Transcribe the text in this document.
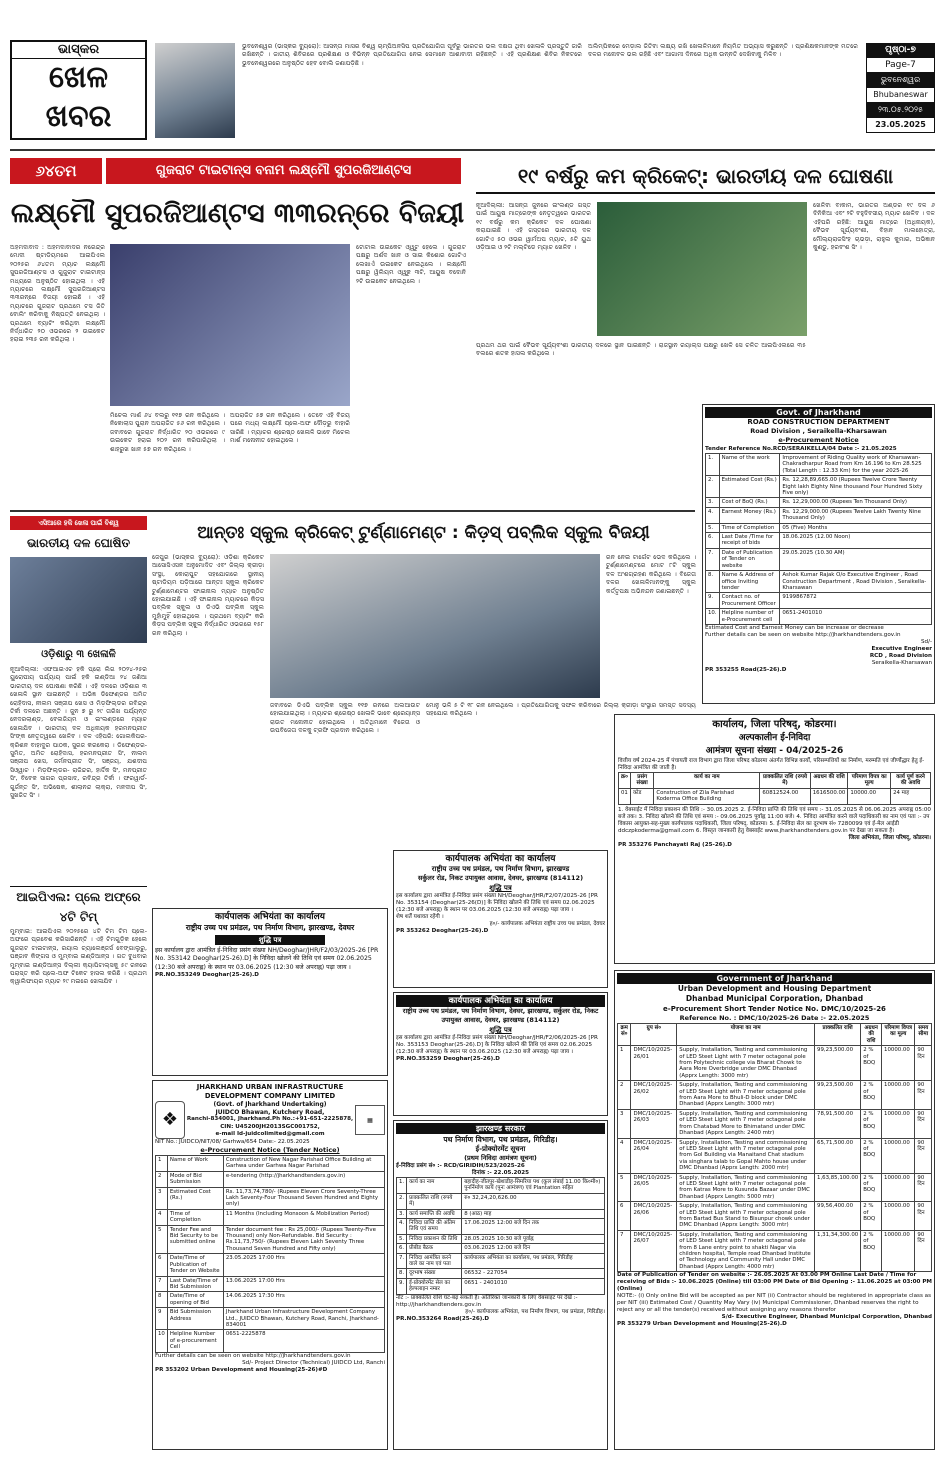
ଭାସ୍କର
ଖେଳ
ଖବର
ଭୁବନେଶ୍ୱର (ଭାସ୍କର ବ୍ୟୁରୋ): ଆସନ୍ତା ମାସର ବିଶ୍ୱ ଚାମ୍ପିଅନସିପ ପ୍ରତିଯୋଗିତା ପୂର୍ବରୁ ଭାରତର ଭଲ ଦକ୍ଷତା ଥିବା ଖେଳାଳି ପ୍ରସ୍ତୁତି ଜାରି ରଖିଛନ୍ତି । ଜାତୀୟ ଶିବିରରେ ପ୍ରଶିକ୍ଷଣ ଓ ବିଭିନ୍ନ ପ୍ରତିଯୋଗିତା ନେଇ ସେମାନେ ଆଶାବାଦୀ ରହିଛନ୍ତି । ଏହି ପ୍ରଶିକ୍ଷଣ ଶିବିର ନିକଟରେ ଭୁବନେଶ୍ୱରରେ ଅନୁଷ୍ଠିତ ହେବ ବୋଲି ଜଣାପଡ଼ିଛି ।
ଅଲିମ୍ପିକରେ ମେଡ଼ାଲ ଜିତିବା ଲକ୍ଷ୍ୟ ରଖି ଖେଳାଳିମାନେ ନିୟମିତ ଅଭ୍ୟାସ କରୁଛନ୍ତି । ପ୍ରଶିକ୍ଷକମାନଙ୍କ ମତରେ ଦଳର ମନୋବଳ ଭଲ ରହିଛି ଏବଂ ଆଗାମୀ ଦିନରେ ଅଧିକ ଉନ୍ନତି ଦେଖିବାକୁ ମିଳିବ ।	ପୃଷ୍ଠା-୭
Page-7
ଭୁବନେଶ୍ୱର
Bhubaneswar
୨୩.୦୫.୨୦୨୫
23.05.2025
୬୪ତମ	ଗୁଜରାଟ ଟାଇଟାନ୍ସ ବନାମ ଲକ୍ଷ୍ମୌ ସୁପରଜିଆଣ୍ଟସ
ଲକ୍ଷ୍ମୌ ସୁପରଜିଆଣ୍ଟସ ୩୩ରନ୍‌ରେ ବିଜୟୀ
ଅହମଦାବାଦ : ଅହମଦାବାଦର ନରେନ୍ଦ୍ର ମୋଦୀ ଷ୍ଟାଡିୟମରେ ଆଇପିଏଲ ୨୦୨୫ର ୬୪ତମ ମ୍ୟାଚ ଲକ୍ଷ୍ମୌ ସୁପରଜିଆଣ୍ଟସ ଓ ଗୁଜୁରାଟ ଟାଇଟାନ୍ସ ମଧ୍ୟରେ ଅନୁଷ୍ଠିତ ହୋଇଥିଲା । ଏହି ମ୍ୟାଚରେ ଲକ୍ଷ୍ମୌ ସୁପରଜିଆଣ୍ଟସ ୩୩ରନ୍‌ରେ ବିଜୟୀ ହୋଇଛି । ଏହି ମ୍ୟାଚରେ ଗୁଜରାଟ ପ୍ରଥମେ ଟସ ଜିତି ବୋଲିଂ କରିବାକୁ ନିଷ୍ପତ୍ତି ନେଇଥିଲା । ପ୍ରଥମେ ବ୍ୟାଟିଂ କରିଥିବା ଲକ୍ଷ୍ମୌ ନିର୍ଦ୍ଧାରିତ ୨୦ ଓଭରରେ ୨ ଉଇକେଟ ହରାଇ ୨୩୫ ରନ କରିଥିଲା ।
ଟୋଟାଲ ଉଇକେଟ ଓ୍ୱୁଟ ହେଲେ । ଗୁଜରାଟ ପକ୍ଷରୁ ଅର୍ଶଦ ଖାନ ଓ ସାଇ କିଶୋର ଗୋଟିଏ ଲେଖାଏଁ ଉଇକେଟ ନେଇଥିଲେ । ଲକ୍ଷ୍ମୌ ପକ୍ଷରୁ ୱିଲିୟମ ଓ୍ୱୁକ ୩ଟି, ଆୟୁଷ ବଦୋନି ୨ଟି ଉଇକେଟ ନେଇଥିଲେ ।
ମିଚେଲ ମାର୍ଶ ୬୪ ବଲରୁ ୧୧୭ ରନ କରିଥିଲେ । ନିକୋଲାସ ପୁରାନ ଅପରାଜିତ ୫୬ ରନ କରିଥିଲେ । ଜବାବରେ ଗୁଜରାଟ ନିର୍ଦ୍ଧାରିତ ୨୦ ଓଭରରେ ୯ ଉଇକେଟ ହରାଇ ୨୦୨ ରନ କରିପାରିଥିଲା । ଶାହରୁଖ ଖାନ ୫୭ ରନ କରିଥିଲେ ।
ଅପରାଜିତ ୫୭ ରନ କରିଥିଲେ । ତେବେ ଏହି ବିଜୟ ପରେ ମଧ୍ୟ ଲକ୍ଷ୍ମୌ ପ୍ଲେ-ଅଫ ଦୌଡ଼ରୁ ବାହାରି ସାରିଛି । ମ୍ୟାଚର ଶ୍ରେଷ୍ଠ ଖେଳାଳି ଭାବେ ମିଚେଲ ମାର୍ଶ ମନୋନୀତ ହୋଇଥିଲେ ।
୧୯ ବର୍ଷରୁ କମ କ୍ରିକେଟ୍: ଭାରତୀୟ ଦଳ ଘୋଷଣା
ନୂଆଦିଲ୍ଲୀ: ଆସନ୍ତା ଜୁନରେ ଇଂଲଣ୍ଡ ଗସ୍ତ ପାଇଁ ଆୟୁଷ ମାତ୍ରେଙ୍କ ନେତୃତ୍ୱରେ ଭାରତର ୧୯ ବର୍ଷରୁ କମ କ୍ରିକେଟ ଦଳ ଘୋଷଣା କରାଯାଇଛି । ଏହି ଗସ୍ତରେ ଭାରତୀୟ ଦଳ ଗୋଟିଏ ୫୦ ଓଭର ୱାର୍ମଅପ ମ୍ୟାଚ, ୫ଟି ୟୁଥ ଓଡ଼ିଆଇ ଓ ୨ଟି ମଲ୍ଟିଡେ ମ୍ୟାଚ ଖେଳିବ ।
ଖେଳିବା ବାକାମ, ଭାରତର ଅଣ୍ଡର ୧୯ ଦଳ ୬ ଦିନିକିଆ ଏବଂ ୨ଟି ବହୁଦିବସୀୟ ମ୍ୟାଚ ଖେଳିବ । ଦଳ ଏହିପରି ରହିଛି: ଆୟୁଷ ମାତ୍ରେ (ଅଧିନାୟକ), ବୈଭବ ସୂର୍ଯ୍ୟବଂଶୀ, ବିହାନ ମାଲହୋତ୍ରା, ମୌଲ୍ୟରାଜସିଂହ ଚାଭଡ଼ା, ରାହୁଲ କୁମାର, ଅଭିଜ୍ଞାନ କୁଣ୍ଡୁ, ହରବଂଶ ସିଂ ।
ପ୍ରଥମ ଥର ପାଇଁ ବୈଭବ ସୂର୍ଯ୍ୟବଂଶୀ ଭାରତୀୟ ଦଳରେ ସ୍ଥାନ ପାଇଛନ୍ତି । ରାଜସ୍ଥାନ ରୟାଲ୍ସ ପକ୍ଷରୁ ଖେଳି ସେ ଚଳିତ ଆଇପିଏଲରେ ୩୫ ବଲରେ ଶତକ ହାସଲ କରିଥିଲେ ।
Govt. of Jharkhand
ROAD CONSTRUCTION DEPARTMENT
Road Division , Seraikella-Kharsawan
e-Procurement Notice
Tender Reference No.RCD/SERAIKELLA/04 Date :- 21.05.2025
1.	Name of the work	Improvement of Riding Quality work of Kharsawan-Chakradharpur Road from Km 16.196 to Km 28.525 (Total Length : 12.33 Km) for the year 2025-26
2.	Estimated Cost (Rs.)	Rs. 12,28,89,665.00 (Rupees Twelve Crore Twenty Eight lakh Eighty Nine thousand Four Hundred Sixty Five only)
3.	Cost of BoQ (Rs.)	Rs. 12,29,000.00 (Rupees Ten Thousand Only)
4.	Earnest Money (Rs.)	Rs. 12,29,000.00 (Rupees Twelve Lakh Twenty Nine Thousand Only)
5.	Time of Completion	05 (Five) Months
6.	Last Date /Time for receipt of bids	18.06.2025 (12.00 Noon)
7.	Date of Publication of Tender on website	29.05.2025 (10.30 AM)
8.	Name & Address of office Inviting tender	Ashok Kumar Rajak O/o Executive Engineer , Road Construction Department , Road Division , Seraikella-Kharsawan
9.	Contact no. of Procurement Officer	9199867872
10.	Helpline number of e-Procurement cell	0651-2401010
Estimated Cost and Earnest Money can be increase or decrease
Further details can be seen on website http://jharkhandtenders.gov.in
Sd/-
Executive Engineer
RCD , Road Division
Seraikella-Kharsawan
PR 353255 Road(25-26).D
ଏସିଆରେ ହକି ଖେଳା ପାଇଁ ବିଶ୍ୱ
ଭାରତୀୟ ଦଳ ଘୋଷିତ
ଓଡ଼ିଶାରୁ ୩ ଖେଳାଳି
ନୂଆଦିଲ୍ଲୀ: ଏଫଆଇଏଚ ହକି ପ୍ରୋ ଲିଗ ୨୦୨୪-୨୫ର ୟୁରୋପୀୟ ପର୍ଯ୍ୟାୟ ପାଇଁ ହକି ଇଣ୍ଡିଆ ୨୪ ଜଣିଆ ଭାରତୀୟ ଦଳ ଘୋଷଣା କରିଛି । ଏହି ଦଳରେ ଓଡ଼ିଶାର ୩ ଖେଳାଳି ସ୍ଥାନ ପାଇଛନ୍ତି । ଅଭିଜ୍ଞ ଡିଫେଣ୍ଡର ଅମିତ ରୋହିଦାସ, ନୀଲମ ସଞ୍ଜୀପ ଖେସ ଓ ମିଡ଼ଫିଲ୍ଡର ରବିନ୍ଦ୍ର ତିର୍କୀ ଦଳରେ ଅଛନ୍ତି । ଜୁନ ୭ ରୁ ୨୯ ତାରିଖ ପର୍ଯ୍ୟନ୍ତ ନେଦରଲାଣ୍ଡ, ବେଲଜିୟମ ଓ ଇଂଲଣ୍ଡରେ ମ୍ୟାଚ ଖେଳାଯିବ । ଭାରତୀୟ ଦଳ ଅଧିନାୟକ ହରମନପ୍ରୀତ ସିଂଙ୍କ ନେତୃତ୍ୱରେ ଖେଳିବ । ଦଳ ଏହିପରି: ଗୋଲକିପର- କ୍ରିଶନ ବାହାଦୁର ପାଠକ, ସୁରଜ କରକେରା । ଡିଫେଣ୍ଡର- ସୁମିତ, ଅମିତ ରୋହିଦାସ, ହରମନପ୍ରୀତ ସିଂ, ନୀଲମ ସଞ୍ଜୀପ ଖେସ, ଜର୍ମନପ୍ରୀତ ସିଂ, ସଞ୍ଜୟ, ଯଶଦୀପ ସିଓ୍ୱାଚ । ମିଡ଼ଫିଲ୍ଡର- ରାଜିନ୍ଦର, ହାର୍ଦ୍ଦିକ ସିଂ, ମନପ୍ରୀତ ସିଂ, ବିବେକ ସାଗର ପ୍ରସାଦ, ରବିନ୍ଦ୍ର ତିର୍କୀ । ଫରୱାର୍ଡ- ଗୁର୍ଜନ୍ତ ସିଂ, ଅଭିଷେକ, ଶୀଲାନନ୍ଦ ଲାକ୍ରା, ମନଦୀପ ସିଂ, ସୁଖଜିତ ସିଂ ।
ଆଇପିଏଲ: ପ୍ଲେ ଅଫ୍‌ରେ ୪ଟି ଟିମ୍
ମୁମ୍ବାଇ: ଆଇପିଏଲ ୨୦୨୫ରେ ୪ଟି ଟିମ ଟିମ ପ୍ଲେ-ଅଫରେ ପ୍ରବେଶ କରିସାରିଛନ୍ତି । ଏହି ଟିମଗୁଡ଼ିକ ହେଲେ ଗୁଜରାଟ ଟାଇଟାନ୍ସ, ରୟାଲ ଚ୍ୟାଲେଞ୍ଜର୍ସ ବେଙ୍ଗାଲୁରୁ, ପଞ୍ଜାବ କିଙ୍ଗସ ଓ ମୁମ୍ବାଇ ଇଣ୍ଡିଆନ୍ସ । ଗତ ବୁଧବାର ମୁମ୍ବାଇ ଇଣ୍ଡିଆନ୍ସ ଦିଲ୍ଲୀ କ୍ୟାପିଟାଲ୍ସକୁ ୫୯ ରନରେ ପରାସ୍ତ କରି ପ୍ଲେ-ଅଫ ଟିକେଟ ହାସଲ କରିଛି । ପ୍ରଥମ କ୍ୱାଲିଫାୟର ମ୍ୟାଚ ୨୯ ମଇରେ ଖେଳାଯିବ ।
ଆନ୍ତଃ ସ୍କୁଲ କ୍ରିକେଟ୍ ଟୁର୍ଣ୍ଣାମେଣ୍ଟ : କିଡ଼ସ୍ ପବ୍ଲିକ ସ୍କୁଲ ବିଜୟୀ
ଜେପୁର (ଭାସ୍କର ବ୍ୟୁରୋ): ଓଡ଼ିଶା କ୍ରିକେଟ ଆସୋସିଏସନ ଅନୁମୋଦିତ ଏବଂ ଜିଲ୍ଲା କ୍ରୀଡ଼ା ସଂସ୍ଥା, କୋରାପୁଟ ସହଯୋଗରେ ସ୍ଥାନୀୟ ଷ୍ଟାଡିୟମ ପଡ଼ିଆରେ ଆନ୍ତଃ ସ୍କୁଲ କ୍ରିକେଟ ଟୁର୍ଣ୍ଣାମେଣ୍ଟର ଫାଇନାଲ ମ୍ୟାଚ ଅନୁଷ୍ଠିତ ହୋଇଯାଇଛି । ଏହି ଫାଇନାଲ ମ୍ୟାଚରେ କିଡ଼ସ ପବ୍ଲିକ ସ୍କୁଲ ଓ ଡିଏଭି ପବ୍ଲିକ ସ୍କୁଲ ମୁହାଁମୁହିଁ ହୋଇଥିଲେ । ପ୍ରଥମେ ବ୍ୟାଟିଂ କରି କିଡ଼ସ ପବ୍ଲିକ ସ୍କୁଲ ନିର୍ଦ୍ଧାରିତ ଓଭରରେ ୧୫୮ ରନ କରିଥିଲା ।
ରନ ନେଇ ଟାର୍ଗେଟ ଭେଦ କରିଥିଲେ । ଟୁର୍ଣ୍ଣାମେଣ୍ଟରେ ମୋଟ ୮ଟି ସ୍କୁଲ ଦଳ ଅଂଶଗ୍ରହଣ କରିଥିଲେ । ବିଜେତା ଦଳର ଖେଳାଳିମାନଙ୍କୁ ସ୍କୁଲ କର୍ତ୍ତୃପକ୍ଷ ଅଭିନନ୍ଦନ ଜଣାଇଛନ୍ତି ।
ଜବାବରେ ଡିଏଭି ପବ୍ଲିକ ସ୍କୁଲ ୧୧୭ ରନରେ ଅଲଆଉଟ ହୋଇଯାଇଥିଲା । ମ୍ୟାଚର ଶ୍ରେଷ୍ଠ ଖେଳାଳି ଭାବେ ଶ୍ରେୟାନ୍ସ ରାଉତ ମନୋନୀତ ହୋଇଥିଲେ । ଅତିଥିମାନେ ବିଜେତା ଓ ଉପବିଜେତା ଦଳକୁ ଟ୍ରଫି ପ୍ରଦାନ କରିଥିଲେ ।
ମୋନୁ ଭଳି ୫ ଟି ୧୮ ରନ ନେଇଥିଲେ । ପ୍ରତିଯୋଗିତାକୁ ସଫଳ କରିବାରେ ଜିଲ୍ଲା କ୍ରୀଡ଼ା ସଂସ୍ଥାର ସମସ୍ତ ସଦସ୍ୟ ସହଯୋଗ କରିଥିଲେ ।
कार्यपालक अभियंता का कार्यालय
राष्ट्रीय उच्च पथ प्रमंडल, पथ निर्माण विभाग, झारखण्ड
सर्कुलर रोड, निकट उपायुक्त आवास, देवघर, झारखण्ड (814112)
शुद्धि पत्र
इस कार्यालय द्वारा आमंत्रित ई-निविदा प्रसंग संख्या NH/Deoghar/JHR/F2/07/2025-26 [PR No. 353154 (Deoghar)25-26(D)] के निविदा खोलने की तिथि एवं समय 02.06.2025 (12:30 बजे अपराह्न) के स्थान पर 03.06.2025 (12:30 बजे अपराह्न) पढ़ा जाय ।
शेष शर्तें यथावत रहेंगी ।
ह०/- कार्यपालक अभियंता राष्ट्रीय उच्च पथ प्रमंडल, देवघर
PR 353262 Deoghar(25-26).D
कार्यपालक अभियंता का कार्यालय
राष्ट्रीय उच्च पथ प्रमंडल, पथ निर्माण विभाग, झारखण्ड, देवघर
शुद्धि पत्र
इस कार्यालय द्वारा आमंत्रित ई-निविदा प्रसंग संख्या NH/Deoghar/JHR/F2/03/2025-26 [PR No. 353142 Deoghar(25-26).D] के निविदा खोलने की तिथि एवं समय 02.06.2025 (12:30 बजे अपराह्न) के स्थान पर 03.06.2025 (12:30 बजे अपराह्न) पढ़ा जाय ।
PR.NO.353249 Deoghar(25-26).D
कार्यपालक अभियंता का कार्यालय
राष्ट्रीय उच्च पथ प्रमंडल, पथ निर्माण विभाग, देवघर, झारखण्ड, सर्कुलर रोड, निकट उपायुक्त आवास, देवघर, झारखण्ड (814112)
शुद्धि पत्र
इस कार्यालय द्वारा आमंत्रित ई-निविदा प्रसंग संख्या NH/Deoghar/JHR/F2/06/2025-26 [PR No. 353153 Deoghar(25-26).D] के निविदा खोलने की तिथि एवं समय 02.06.2025 (12:30 बजे अपराह्न) के स्थान पर 03.06.2025 (12:30 बजे अपराह्न) पढ़ा जाय ।
PR.NO.353259 Deoghar(25-26).D
JHARKHAND URBAN INFRASTRUCTURE
DEVELOPMENT COMPANY LIMITED
❖
(Govt. of Jharkhand Undertaking)
JUIDCO Bhawan, Kutchery Road,
Ranchi-834001, Jharkhand.Ph No.:+91-651-2225878,
CIN: U45200JH2013SGC001752,
e-mail Id-juidcolimited@gmail.com
▦
NIT No.: JUIDCO/NIT/08/ Garhwa/654 Date:- 22.05.2025
e-Procurement Notice (Tender Notice)
1	Name of Work	Construction of New Nagar Parishad Office Building at Garhwa under Garhwa Nagar Parishad
2	Mode of Bid Submission	e-tendering (http://jharkhandtenders.gov.in)
3	Estimated Cost (Rs.)	Rs. 11,73,74,780/- (Rupees Eleven Crore Seventy-Three Lakh Seventy-Four Thousand Seven Hundred and Eighty only)
4	Time of Completion	11 Months (Including Monsoon & Mobilization Period)
5	Tender Fee and Bid Security to be submitted online	Tender document fee : Rs 25,000/- (Rupees Twenty-Five Thousand) only Non-Refundable. Bid Security : Rs.11,73,750/- (Rupees Eleven Lakh Seventy Three Thousand Seven Hundred and Fifty only)
6	Date/Time of Publication of Tender on Website	23.05.2025 17:00 Hrs
7	Last Date/Time of Bid Submission	13.06.2025 17:00 Hrs
8	Date/Time of opening of Bid	14.06.2025 17:30 Hrs
9	Bid Submission Address	Jharkhand Urban Infrastructure Development Company Ltd., JUIDCO Bhawan, Kutchery Road, Ranchi, Jharkhand- 834001
10	Helpline Number of e-procurement Cell	0651-2225878
Further details can be seen on website http://jharkhandtenders.gov.in
Sd/- Project Director (Technical) JUIDCO Ltd, Ranchi
PR 353202 Urban Development and Housing(25-26)#D
झारखण्ड सरकार
पथ निर्माण विभाग, पथ प्रमंडल, गिरिडीह।
ई-प्रोक्योरमेंट सूचना
(प्रथम निविदा आमंत्रण सूचना)
ई-निविदा प्रसंग सं० :- RCD/GIRIDIH/523/2025-26
दिनांक :- 22.05.2025
1.	कार्य का नाम	बहादीह-जीतपुर-खेशाडीह-सिमरिया पथ (कुल लंबाई 11.00 कि०मी०) पुनर्निर्माण कार्य (पुनः आमंत्रण) एवं Plantation सहित
2.	प्राक्कलित राशि (रुपये में)	रु० 32,24,20,626.00
3.	कार्य समाप्ति की अवधि	8 (आठ) माह
4.	निविदा प्राप्ति की अंतिम तिथि एवं समय	17.06.2025 12:00 बजे दिन तक
5.	निविदा प्रकाशन की तिथि	28.05.2025 10:30 बजे पूर्वाह्न
6.	प्रीबीड बैठक	03.06.2025 12:00 बजे दिन
7.	निविदा आमंत्रित करने वाले का नाम एवं पता	कार्यपालक अभियंता का कार्यालय, पथ प्रमंडल, गिरिडीह
8.	दूरभाष संख्या	06532 - 227054
9.	ई-प्रोक्योरमेंट सेल का हेल्पलाइन नम्बर	0651 - 2401010
नोट :- प्राक्कलित राशि घट-बढ़ सकती है। अतिरिक्त जानकारी के लिए वेबसाइट पर देखें :- http://jharkhandtenders.gov.in
ह०/- कार्यपालक अभियंता, पथ निर्माण विभाग, पथ प्रमंडल, गिरिडीह।
PR.NO.353264 Road(25-26).D
कार्यालय, जिला परिषद्, कोडरमा।
अल्पकालीन ई-निविदा
आमंत्रण सूचना संख्या - 04/2025-26
वित्तीय वर्ष 2024-25 में पंचायती राज विभाग द्वारा जिला परिषद कोडरमा अंतर्गत विभिन्न कार्यों, परिसम्पत्तियों का निर्माण, मरम्मति एवं जीर्णोद्धार हेतु ई-निविदा आमंत्रित की जाती है।
क्र०	प्रसंग संख्या	कार्य का नाम	प्राक्कलित राशि (रुपये में)	अग्रधन की राशि	परिमाण विपत्र का मूल्य	कार्य पूर्ण करने की अवधि
01	कोड	Construction of Zila Parishad Koderma Office Building	60812524.00	1616500.00	10000.00	24 माह
1. वेबसाईट में निविदा प्रकाशन की तिथि :- 30.05.2025 2. ई-निविदा प्राप्ति की तिथि एवं समय :- 31.05.2025 से 06.06.2025 अपराह्न 05:00 बजे तक। 3. निविदा खोलने की तिथि एवं समय :- 09.06.2025 पूर्वाह्न 11:00 बजे। 4. निविदा आमंत्रित करने वाले पदाधिकारी का नाम एवं पता :- उप विकास आयुक्त-सह-मुख्य कार्यपालक पदाधिकारी, जिला परिषद्, कोडरमा। 5. ई-निविदा सेल का दूरभाष सं० 7280099 एवं ई-मेल आईडी ddczpkoderma@gmail.com 6. विस्तृत जानकारी हेतु वेबसाईट www.jharkhandtenders.gov.in पर देखा जा सकता है।
जिला अभियंता, जिला परिषद्, कोडरमा।
PR 353276 Panchayati Raj (25-26).D
Government of Jharkhand
Urban Development and Housing Department
Dhanbad Municipal Corporation, Dhanbad
e-Procurement Short Tender Notice No. DMC/10/2025-26
Reference No. : DMC/10/2025-26 Date :- 22.05.2025
क्रम सं०	ग्रुप सं०	योजना का नाम	प्राक्कलित राशि	अग्रधन की राशि	परिमाण विपत्र का मूल्य	समय सीमा
1	DMC/10/2025-26/01	Supply, Installation, Testing and commissioning of LED Steet Light with 7 meter octagonal pole from Polytechnic college via Bharat Chowk to Aara More Overbridge under DMC Dhanbad (Apprx Length: 3000 mtr)	99,23,500.00	2 % of BOQ	10000.00	90 दिन
2	DMC/10/2025-26/02	Supply, Installation, Testing and commissioning of LED Steet Light with 7 meter octagonal pole from Aara More to Bhuli-D block under DMC Dhanbad (Apprx Length: 3000 mtr)	99,23,500.00	2 % of BOQ	10000.00	90 दिन
3	DMC/10/2025-26/03	Supply, Installation, Testing and commissioning of LED Steet Light with 7 meter octagonal pole from Chatabad More to Bhimatand under DMC Dhanbad (Apprx Length: 2400 mtr)	78,91,500.00	2 % of BOQ	10000.00	90 दिन
4	DMC/10/2025-26/04	Supply, Installation, Testing and commissioning of LED Steet Light with 7 meter octagonal pole from Gol Building via Manaitand Chat stadium via singhara talab to Gopal Mahto house under DMC Dhanbad (Apprx Length: 2000 mtr)	65,71,500.00	2 % of BOQ	10000.00	90 दिन
5	DMC/10/2025-26/05	Supply, Installation, Testing and commissioning of LED Steet Light with 7 meter octagonal pole from Katras More to Kusunda Bazaar under DMC Dhanbad (Apprx Length: 5000 mtr)	1,63,85,100.00	2 % of BOQ	10000.00	90 दिन
6	DMC/10/2025-26/06	Supply, Installation, Testing and commissioning of LED Steet Light with 7 meter octagonal pole from Bartad Bus Stand to Bisunpur chowk under DMC Dhanbad (Apprx Length: 3000 mtr)	99,56,400.00	2 % of BOQ	10000.00	90 दिन
7	DMC/10/2025-26/07	Supply, Installation, Testing and commissioning of LED Steet Light with 7 meter octagonal pole from 8 Lane entry point to shakti Nagar via children hospital, Temple road Dhanbad Institute of Technology and Community Hall under DMC Dhanbad (Apprx Length: 4000 mtr)	1,31,34,300.00	2 % of BOQ	10000.00	90 दिन
Date of Publication of Tender on website :- 26.05.2025 At 03.00 PM Online Last Date / Time for receiving of Bids :- 10.06.2025 (Online) till 03:00 PM Date of Bid Opening :- 11.06.2025 at 03:00 PM (Online)
NOTE:- (i) Only online Bid will be accepted as per NIT (ii) Contractor should be registered in appropriate class as per NIT (iii) Estimated Cost / Quantity May Vary (iv) Municipal Commissioner, Dhanbad reserves the right to reject any or all the tender(s) received without assigning any reasons therefor
S/d- Executive Engineer, Dhanbad Municipal Corporation, Dhanbad
PR 353279 Urban Development and Housing(25-26).D
